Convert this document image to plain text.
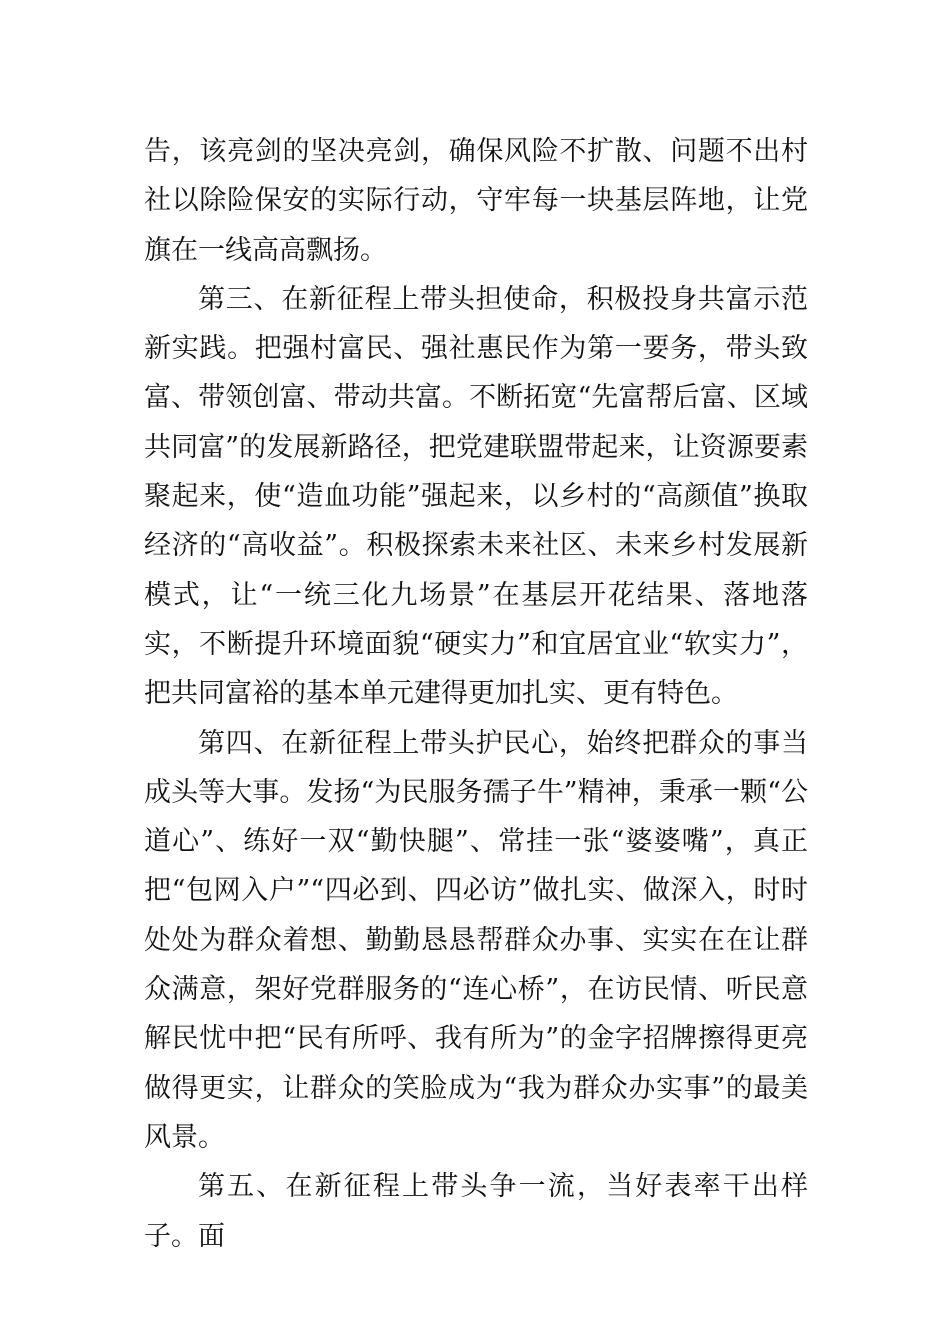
告，该亮剑的坚决亮剑，确保风险不扩散、问题不出村社以除险保安的实际行动，守牢每一块基层阵地，让党旗在一线高高飘扬。

第三、在新征程上带头担使命，积极投身共富示范新实践。把强村富民、强社惠民作为第一要务，带头致富、带领创富、带动共富。不断拓宽“先富帮后富、区域共同富”的发展新路径，把党建联盟带起来，让资源要素聚起来，使“造血功能”强起来，以乡村的“高颜值”换取经济的“高收益”。积极探索未来社区、未来乡村发展新模式，让“一统三化九场景”在基层开花结果、落地落实，不断提升环境面貌“硬实力”和宜居宜业“软实力”，把共同富裕的基本单元建得更加扎实、更有特色。

第四、在新征程上带头护民心，始终把群众的事当成头等大事。发扬“为民服务孺子牛”精神，秉承一颗“公道心”、练好一双“勤快腿”、常挂一张“婆婆嘴”，真正把“包网入户”“四必到、四必访”做扎实、做深入，时时处处为群众着想、勤勤恳恳帮群众办事、实实在在让群众满意，架好党群服务的“连心桥”，在访民情、听民意解民忧中把“民有所呼、我有所为”的金字招牌擦得更亮做得更实，让群众的笑脸成为“我为群众办实事”的最美风景。

第五、在新征程上带头争一流，当好表率干出样子。面
